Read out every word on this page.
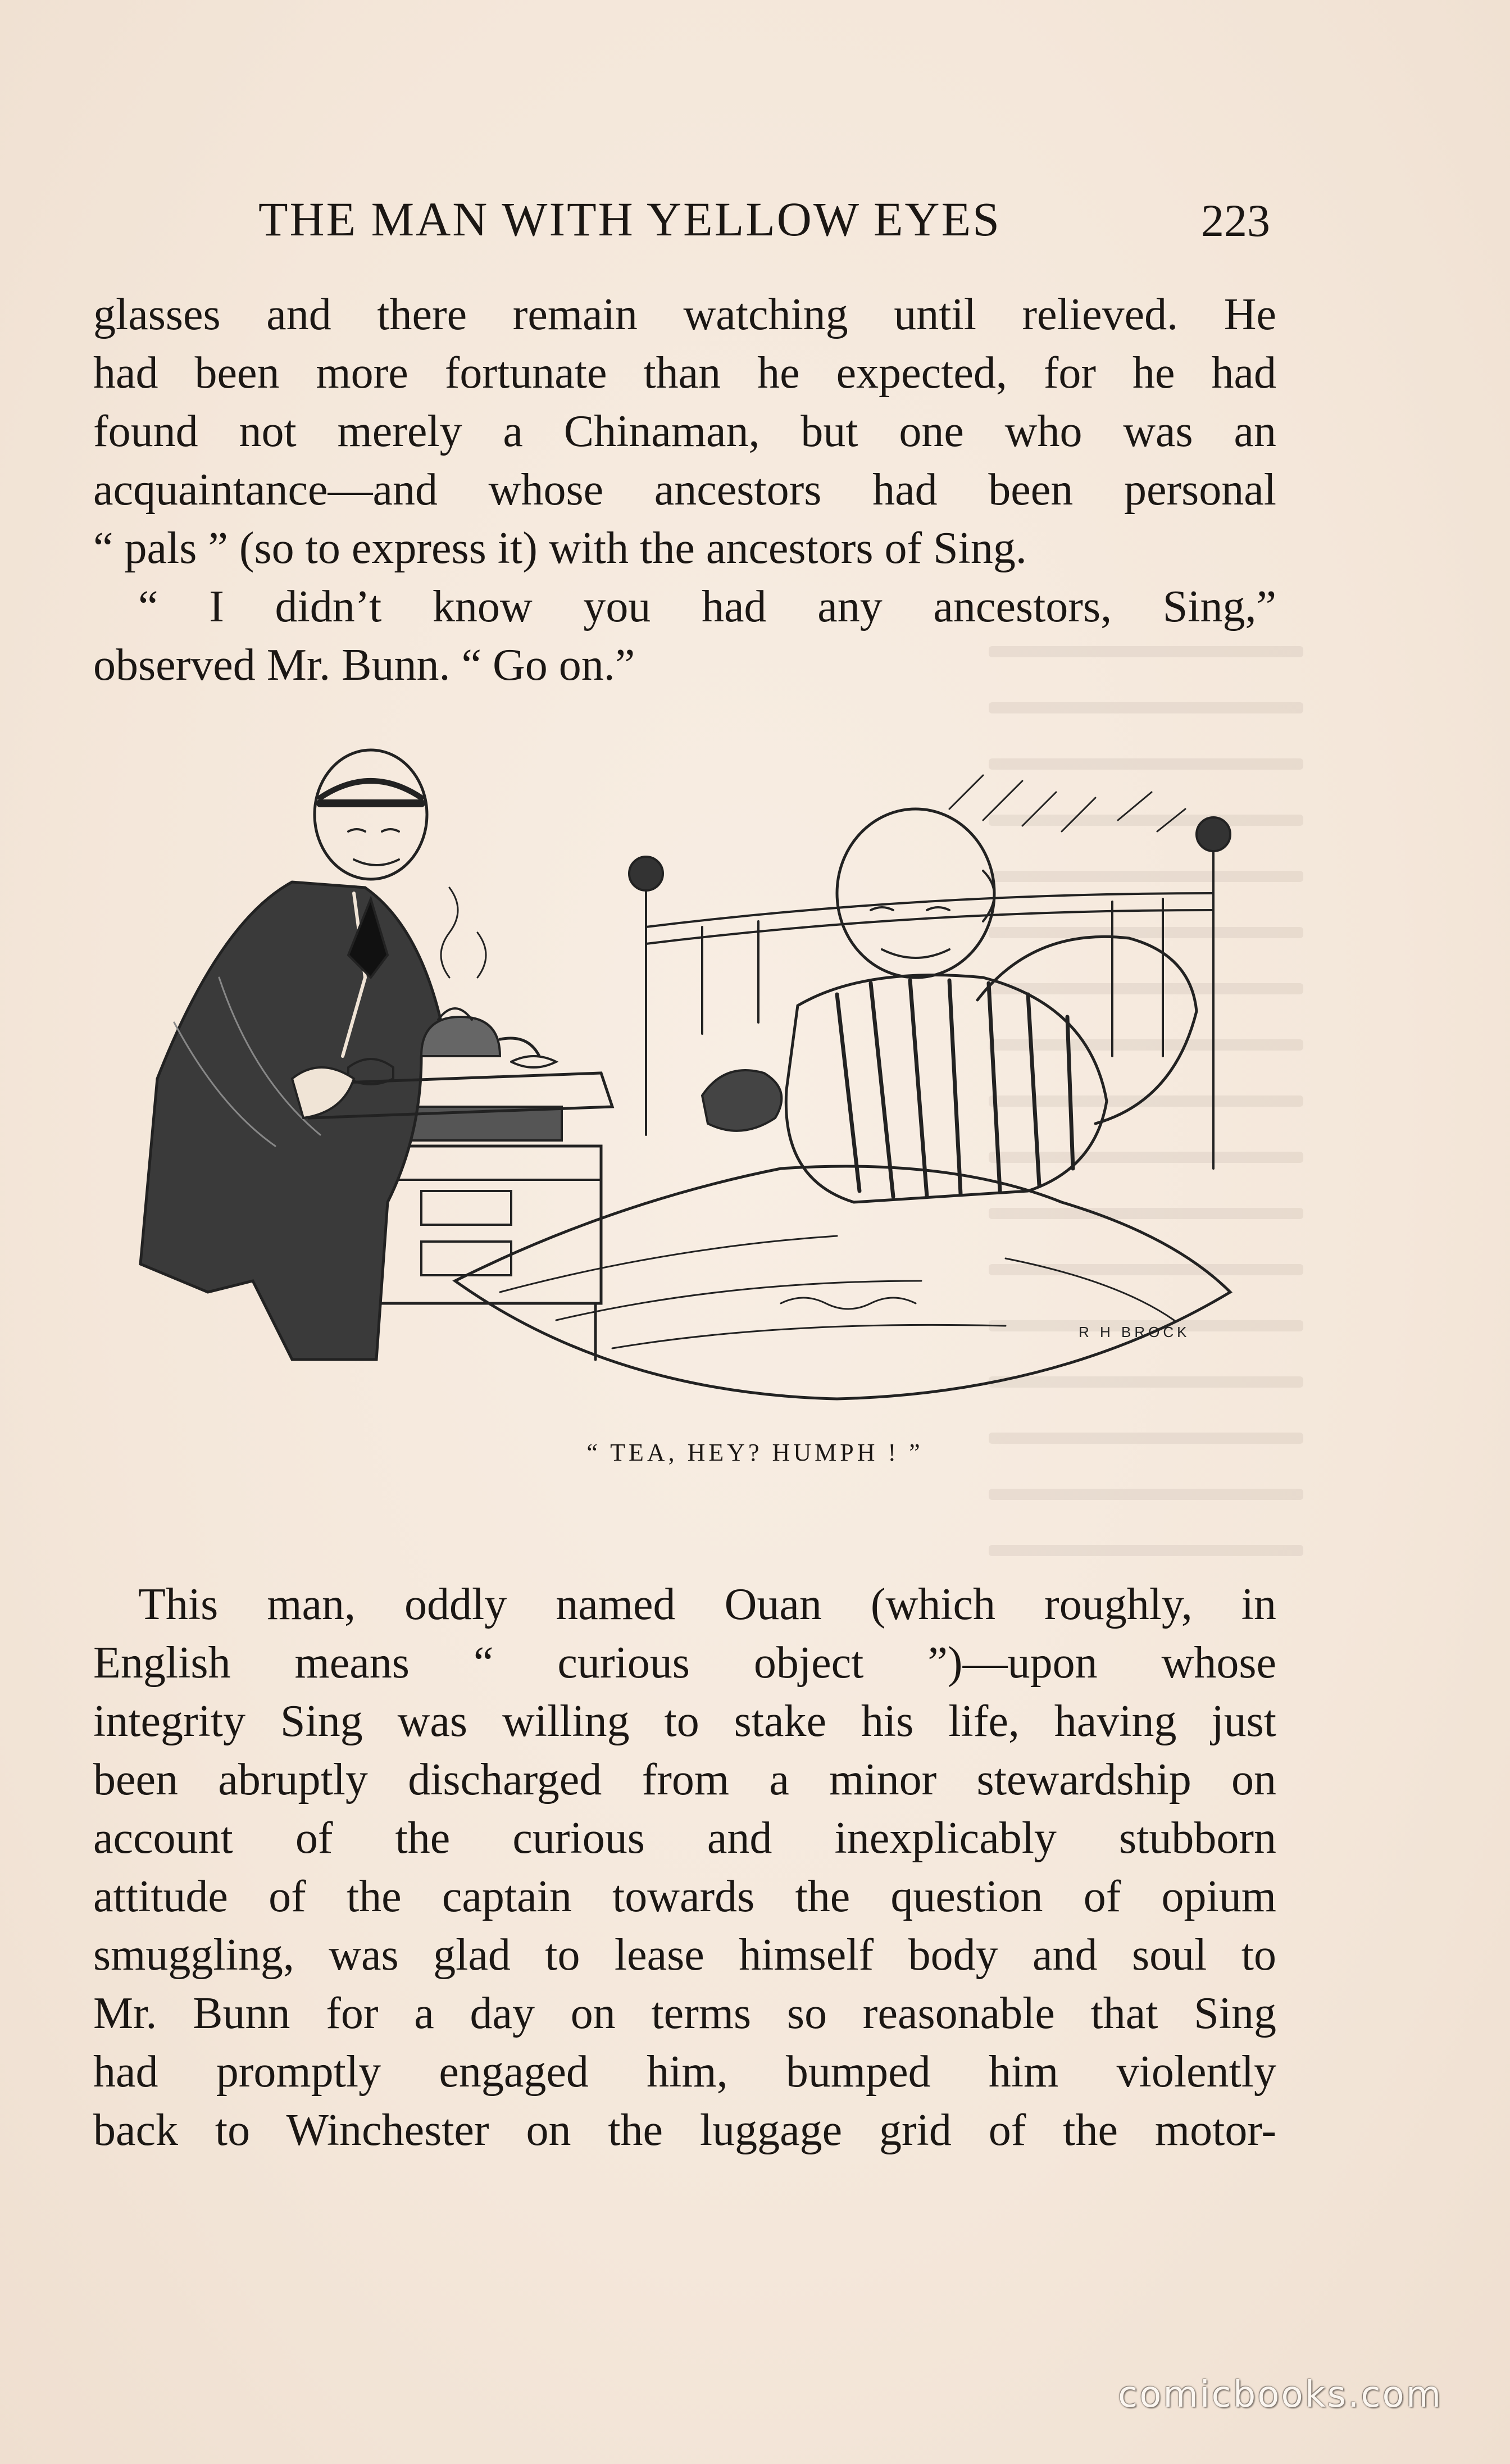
THE MAN WITH YELLOW EYES	223
glasses and there remain watching until relieved. He
had been more fortunate than he expected, for he had
found not merely a Chinaman, but one who was an
acquaintance—and whose ancestors had been personal
“ pals ” (so to express it) with the ancestors of Sing.
“ I didn’t know you had any ancestors, Sing,”
observed Mr. Bunn. “ Go on.”
R H BROCK
“ TEA, HEY? HUMPH ! ”
This man, oddly named Ouan (which roughly, in
English means “ curious object ”)—upon whose
integrity Sing was willing to stake his life, having just
been abruptly discharged from a minor stewardship on
account of the curious and inexplicably stubborn
attitude of the captain towards the question of opium
smuggling, was glad to lease himself body and soul to
Mr. Bunn for a day on terms so reasonable that Sing
had promptly engaged him, bumped him violently
back to Winchester on the luggage grid of the motor-
comicbooks.com
